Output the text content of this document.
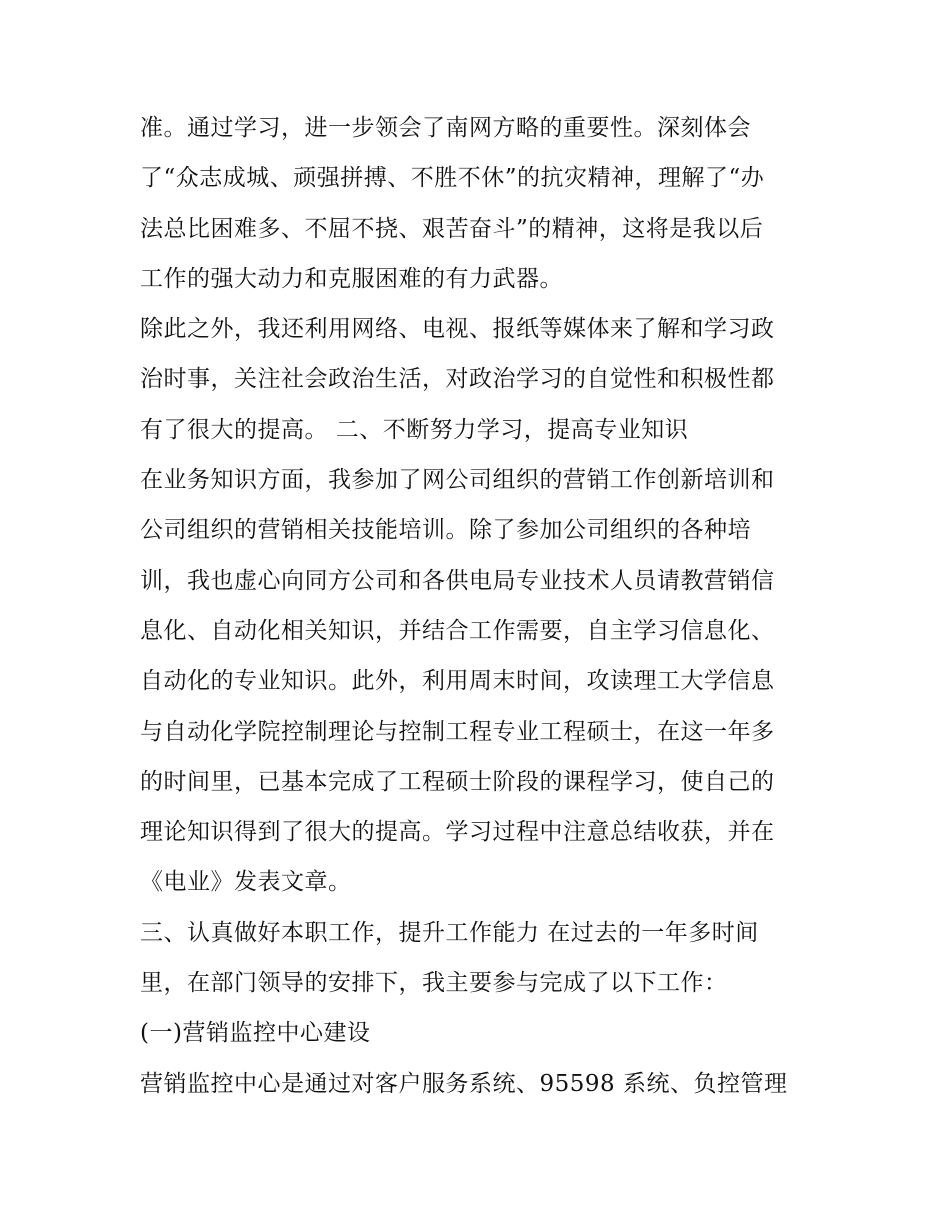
准。通过学习，进一步领会了南网方略的重要性。深刻体会
了“众志成城、顽强拼搏、不胜不休”的抗灾精神，理解了“办
法总比困难多、不屈不挠、艰苦奋斗”的精神，这将是我以后
工作的强大动力和克服困难的有力武器。
除此之外，我还利用网络、电视、报纸等媒体来了解和学习政
治时事，关注社会政治生活，对政治学习的自觉性和积极性都
有了很大的提高。 二、不断努力学习，提高专业知识
在业务知识方面，我参加了网公司组织的营销工作创新培训和
公司组织的营销相关技能培训。除了参加公司组织的各种培
训，我也虚心向同方公司和各供电局专业技术人员请教营销信
息化、自动化相关知识，并结合工作需要，自主学习信息化、
自动化的专业知识。此外，利用周末时间，攻读理工大学信息
与自动化学院控制理论与控制工程专业工程硕士，在这一年多
的时间里，已基本完成了工程硕士阶段的课程学习，使自己的
理论知识得到了很大的提高。学习过程中注意总结收获，并在
《电业》发表文章。
三、认真做好本职工作，提升工作能力 在过去的一年多时间
里，在部门领导的安排下，我主要参与完成了以下工作：
(一)营销监控中心建设
营销监控中心是通过对客户服务系统、95598 系统、负控管理
